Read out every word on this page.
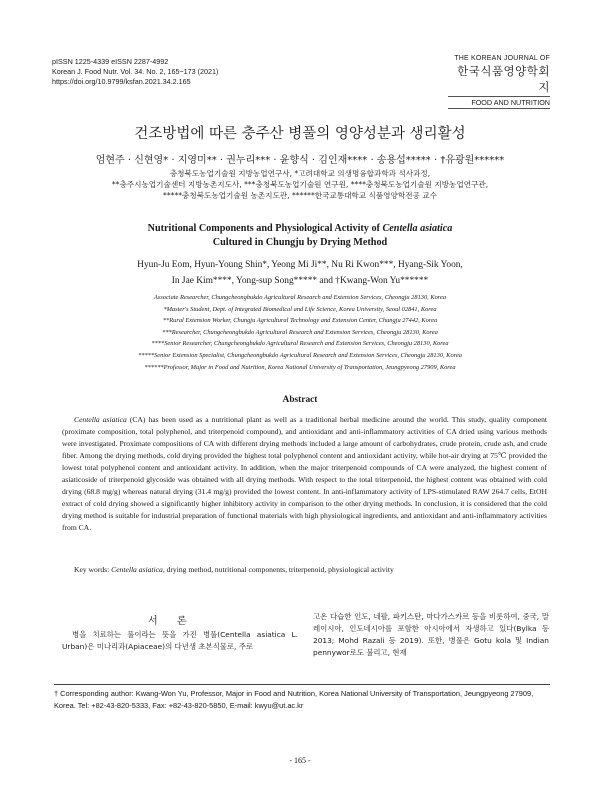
pISSN 1225-4339 eISSN 2287-4992
Korean J. Food Nutr. Vol. 34. No. 2, 165~173 (2021)
https://doi.org/10.9799/ksfan.2021.34.2.165
THE KOREAN JOURNAL OF
한국식품영양학회지
FOOD AND NUTRITION
건조방법에 따른 충주산 병풀의 영양성분과 생리활성
엄현주 · 신현영* · 지영미** · 권누리*** · 윤향식 · 김인재**** · 송용섭***** · †유광원******
충청북도농업기술원 지방농업연구사, *고려대학교 의생명융합과학과 석사과정,
**충주시농업기술센터 지방농촌지도사, ***충청북도농업기술원 연구원, ****충청북도농업기술원 지방농업연구관,
*****충청북도농업기술원 농촌지도관, ******한국교통대학교 식품영양학전공 교수
Nutritional Components and Physiological Activity of Centella asiatica
Cultured in Chungju by Drying Method
Hyun-Ju Eom, Hyun-Young Shin*, Yeong Mi Ji**, Nu Ri Kwon***, Hyang-Sik Yoon,
In Jae Kim****, Yong-sup Song***** and †Kwang-Won Yu******
Associate Researcher, Chungcheongbukdo Agricultural Research and Extension Services, Cheongju 28130, Korea
*Master's Student, Dept. of Integrated Biomedical and Life Science, Korea University, Seoul 02841, Korea
**Rural Extension Worker, Chungju Agricultural Technology and Extension Center, Chungju 27442, Korea
***Researcher, Chungcheongbukdo Agricultural Research and Extension Services, Cheongju 28130, Korea
****Senior Researcher, Chungcheongbukdo Agricultural Research and Extension Services, Cheongju 28130, Korea
*****Senior Extension Specialist, Chungcheongbukdo Agricultural Research and Extension Services, Cheongju 28130, Korea
******Professor, Major in Food and Nutrition, Korea National University of Transportation, Jeungpyeong 27909, Korea
Abstract
Centella asiatica (CA) has been used as a nutritional plant as well as a traditional herbal medicine around the world. This study, quality component (proximate composition, total polyphenol, and triterpenoid compound), and antioxidant and anti-inflammatory activities of CA dried using various methods were investigated. Proximate compositions of CA with different drying methods included a large amount of carbohydrates, crude protein, crude ash, and crude fiber. Among the drying methods, cold drying provided the highest total polyphenol content and antioxidant activity, while hot-air drying at 75℃ provided the lowest total polyphenol content and antioxidant activity. In addition, when the major triterpenoid compounds of CA were analyzed, the highest content of asiaticoside of triterpenoid glycoside was obtained with all drying methods. With respect to the total triterpenoid, the highest content was obtained with cold drying (68.8 mg/g) whereas natural drying (31.4 mg/g) provided the lowest content. In anti-inflammatory activity of LPS-stimulated RAW 264.7 cells, EtOH extract of cold drying showed a significantly higher inhibitory activity in comparison to the other drying methods. In conclusion, it is considered that the cold drying method is suitable for industrial preparation of functional materials with high physiological ingredients, and antioxidant and anti-inflammatory activities from CA.
Key words: Centella asiatica, drying method, nutritional components, triterpenoid, physiological activity
서 론
병을 치료하는 풀이라는 뜻을 가진 병풀(Centella asiatica L. Urban)은 미나리과(Apiaceae)의 다년생 초본식물로, 주로
고온 다습한 인도, 네팔, 파키스탄, 마다가스카르 등을 비롯하여, 중국, 말레이시아, 인도네시아를 포함한 아시아에서 자생하고 있다(Bylka 등 2013; Mohd Razali 등 2019). 또한, 병풀은 Gotu kola 및 Indian pennywor로도 불리고, 현재
† Corresponding author: Kwang-Won Yu, Professor, Major in Food and Nutrition, Korea National University of Transportation, Jeungpyeong 27909, Korea. Tel: +82-43-820-5333, Fax: +82-43-820-5850, E-mail: kwyu@ut.ac.kr
- 165 -
